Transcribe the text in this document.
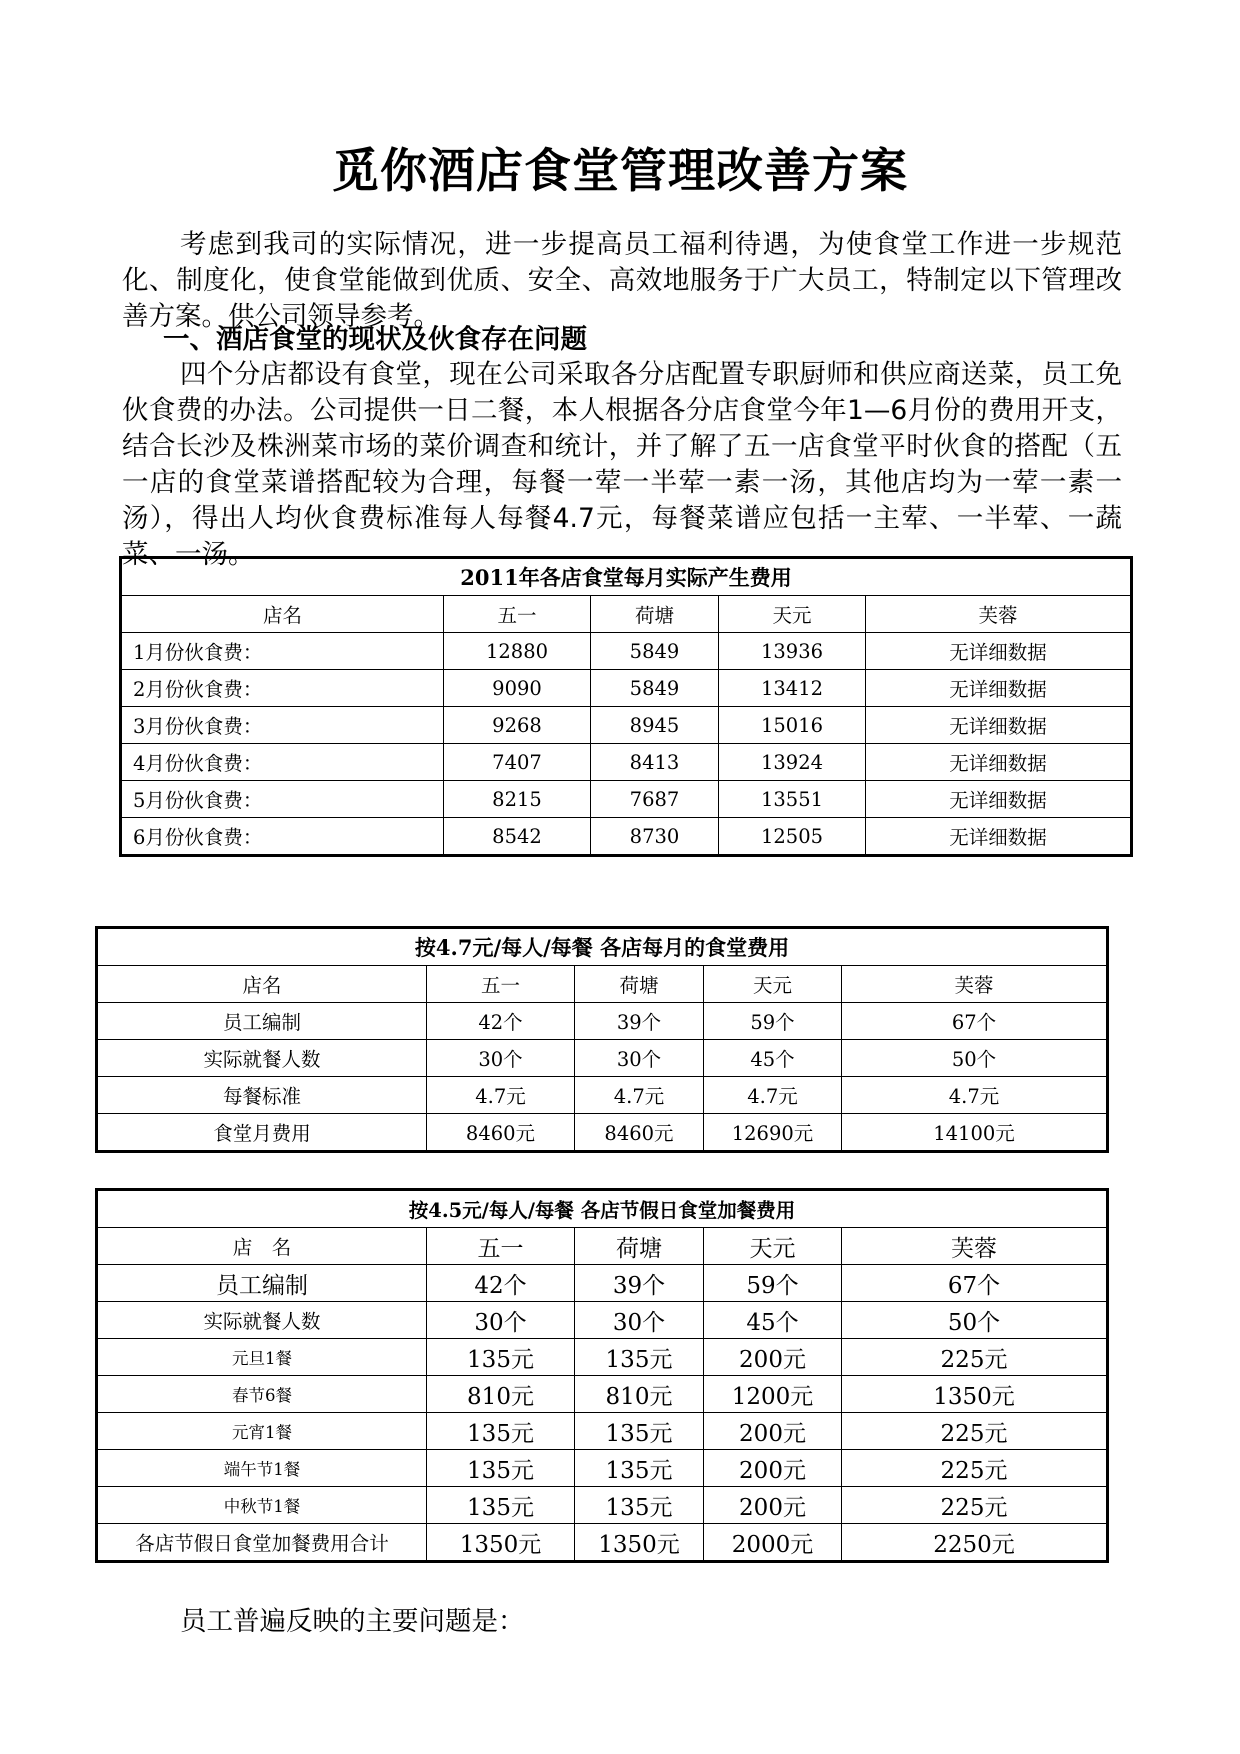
觅你酒店食堂管理改善方案

考虑到我司的实际情况，进一步提高员工福利待遇，为使食堂工作进一步规范化、制度化，使食堂能做到优质、安全、高效地服务于广大员工，特制定以下管理改善方案。供公司领导参考。

一、酒店食堂的现状及伙食存在问题

四个分店都设有食堂，现在公司采取各分店配置专职厨师和供应商送菜，员工免伙食费的办法。公司提供一日二餐，本人根据各分店食堂今年1—6月份的费用开支，结合长沙及株洲菜市场的菜价调查和统计，并了解了五一店食堂平时伙食的搭配（五一店的食堂菜谱搭配较为合理，每餐一荤一半荤一素一汤，其他店均为一荤一素一汤），得出人均伙食费标准每人每餐4.7元，每餐菜谱应包括一主荤、一半荤、一蔬菜、一汤。

2011年各店食堂每月实际产生费用				
店名	五一	荷塘	天元	芙蓉
1月份伙食费：	12880	5849	13936	无详细数据
2月份伙食费：	9090	5849	13412	无详细数据
3月份伙食费：	9268	8945	15016	无详细数据
4月份伙食费：	7407	8413	13924	无详细数据
5月份伙食费：	8215	7687	13551	无详细数据
6月份伙食费：	8542	8730	12505	无详细数据
按4.7元/每人/每餐 各店每月的食堂费用				
店名	五一	荷塘	天元	芙蓉
员工编制	42个	39个	59个	67个
实际就餐人数	30个	30个	45个	50个
每餐标准	4.7元	4.7元	4.7元	4.7元
食堂月费用	8460元	8460元	12690元	14100元
按4.5元/每人/每餐 各店节假日食堂加餐费用				
店　名	五一	荷塘	天元	芙蓉
员工编制	42个	39个	59个	67个
实际就餐人数	30个	30个	45个	50个
元旦1餐	135元	135元	200元	225元
春节6餐	810元	810元	1200元	1350元
元宵1餐	135元	135元	200元	225元
端午节1餐	135元	135元	200元	225元
中秋节1餐	135元	135元	200元	225元
各店节假日食堂加餐费用合计	1350元	1350元	2000元	2250元

员工普遍反映的主要问题是：
